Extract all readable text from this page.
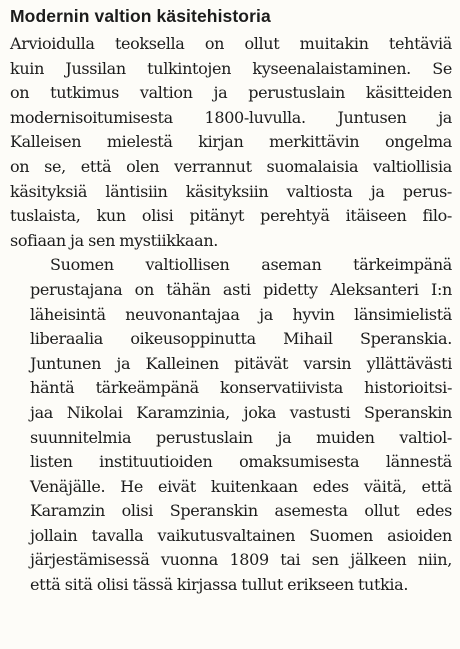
Modernin valtion käsitehistoria

Arvioidulla teoksella on ollut muitakin tehtäviä
kuin Jussilan tulkintojen kyseenalaistaminen. Se
on tutkimus valtion ja perustuslain käsitteiden
modernisoitumisesta 1800-luvulla. Juntusen ja
Kalleisen mielestä kirjan merkittävin ongelma
on se, että olen verrannut suomalaisia valtiollisia
käsityksiä läntisiin käsityksiin valtiosta ja perus-
tuslaista, kun olisi pitänyt perehtyä itäiseen filo-
sofiaan ja sen mystiikkaan.

Suomen valtiollisen aseman tärkeimpänä
perustajana on tähän asti pidetty Aleksanteri I:n
läheisintä neuvonantajaa ja hyvin länsimielistä
liberaalia oikeusoppinutta Mihail Speranskia.
Juntunen ja Kalleinen pitävät varsin yllättävästi
häntä tärkeämpänä konservatiivista historioitsi-
jaa Nikolai Karamzinia, joka vastusti Speranskin
suunnitelmia perustuslain ja muiden valtiol-
listen instituutioiden omaksumisesta lännestä
Venäjälle. He eivät kuitenkaan edes väitä, että
Karamzin olisi Speranskin asemesta ollut edes
jollain tavalla vaikutusvaltainen Suomen asioiden
järjestämisessä vuonna 1809 tai sen jälkeen niin,
että sitä olisi tässä kirjassa tullut erikseen tutkia.
